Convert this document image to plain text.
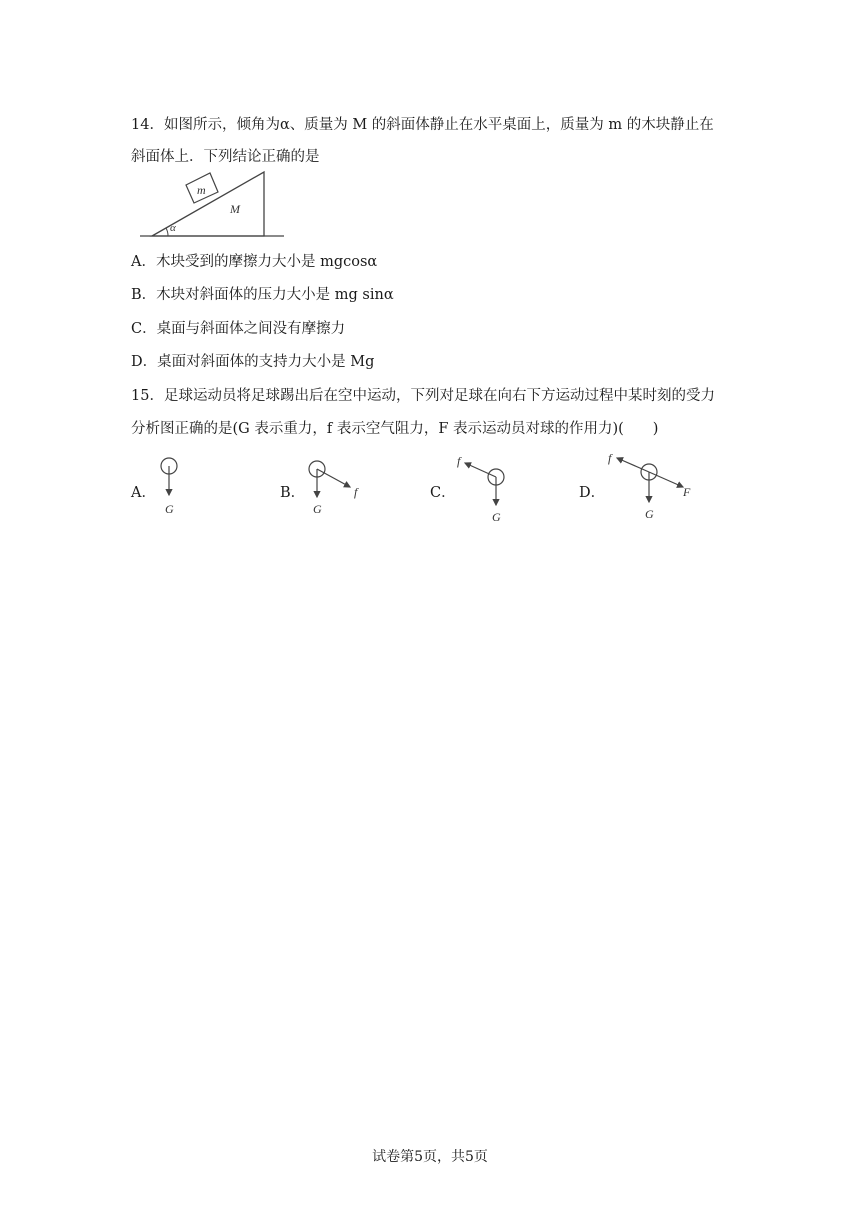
14．如图所示，倾角为α、质量为 M 的斜面体静止在水平桌面上，质量为 m 的木块静止在
斜面体上．下列结论正确的是
m
M
α
A．木块受到的摩擦力大小是 mgcosα
B．木块对斜面体的压力大小是 mg sinα
C．桌面与斜面体之间没有摩擦力
D．桌面对斜面体的支持力大小是 Mg
15．足球运动员将足球踢出后在空中运动，下列对足球在向右下方运动过程中某时刻的受力
分析图正确的是(G 表示重力，f 表示空气阻力，F 表示运动员对球的作用力)(　　)
A．	B．	C．	D．
G	G
f
f
G
f
G
F
试卷第5页，共5页
